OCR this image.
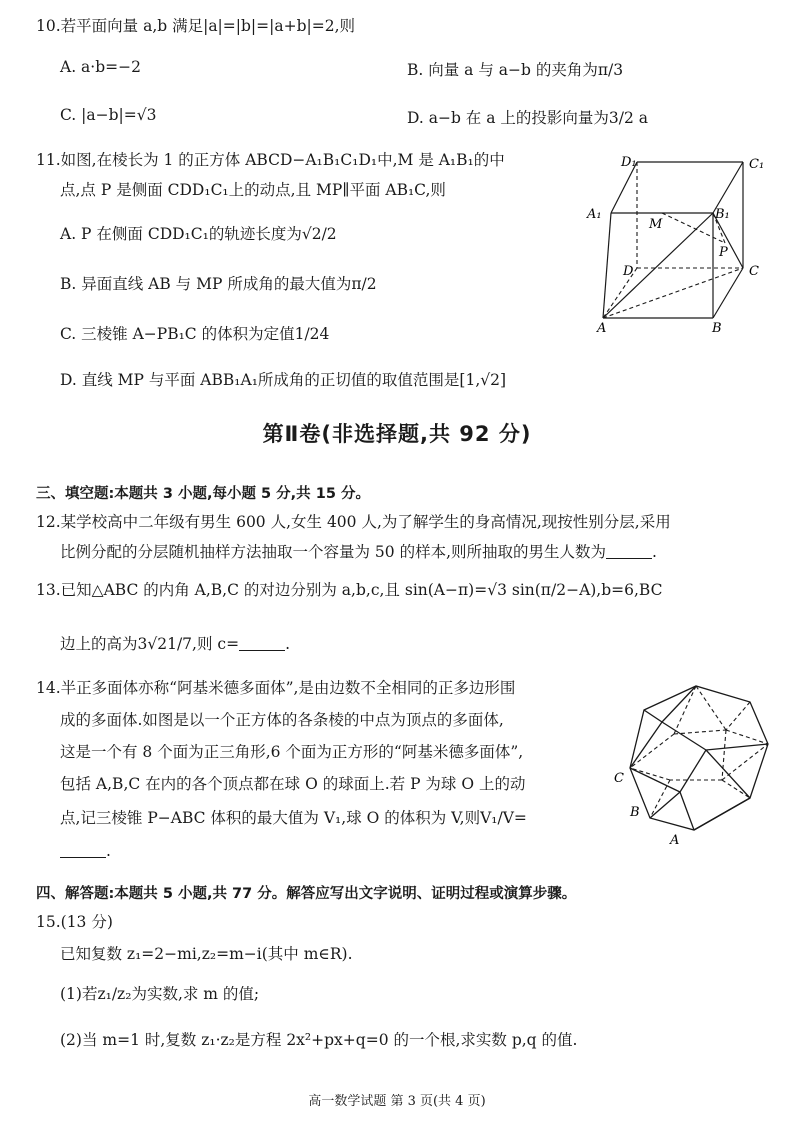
10.若平面向量 a,b 满足|a|=|b|=|a+b|=2,则
A. a·b=−2	B. 向量 a 与 a−b 的夹角为π/3
C. |a−b|=√3	D. a−b 在 a 上的投影向量为3/2 a
11.如图,在棱长为 1 的正方体 ABCD−A₁B₁C₁D₁中,M 是 A₁B₁的中
点,点 P 是侧面 CDD₁C₁上的动点,且 MP∥平面 AB₁C,则
A. P 在侧面 CDD₁C₁的轨迹长度为√2/2
B. 异面直线 AB 与 MP 所成角的最大值为π/2
C. 三棱锥 A−PB₁C 的体积为定值1/24
D. 直线 MP 与平面 ABB₁A₁所成角的正切值的取值范围是[1,√2]
D₁	C₁
A₁	B₁
M
P
D	C
A	B
第Ⅱ卷(非选择题,共 92 分)
三、填空题:本题共 3 小题,每小题 5 分,共 15 分。
12.某学校高中二年级有男生 600 人,女生 400 人,为了解学生的身高情况,现按性别分层,采用
比例分配的分层随机抽样方法抽取一个容量为 50 的样本,则所抽取的男生人数为	.
13.已知△ABC 的内角 A,B,C 的对边分别为 a,b,c,且 sin(A−π)=√3 sin(π/2−A),b=6,BC
边上的高为3√21/7,则 c=	.
14.半正多面体亦称“阿基米德多面体”,是由边数不全相同的正多边形围
成的多面体.如图是以一个正方体的各条棱的中点为顶点的多面体,
这是一个有 8 个面为正三角形,6 个面为正方形的“阿基米德多面体”,
包括 A,B,C 在内的各个顶点都在球 O 的球面上.若 P 为球 O 上的动
点,记三棱锥 P−ABC 体积的最大值为 V₁,球 O 的体积为 V,则V₁/V=
.
C
B
A
四、解答题:本题共 5 小题,共 77 分。解答应写出文字说明、证明过程或演算步骤。
15.(13 分)
已知复数 z₁=2−mi,z₂=m−i(其中 m∈R).
(1)若z₁/z₂为实数,求 m 的值;
(2)当 m=1 时,复数 z₁·z₂是方程 2x²+px+q=0 的一个根,求实数 p,q 的值.
高一数学试题 第 3 页(共 4 页)
